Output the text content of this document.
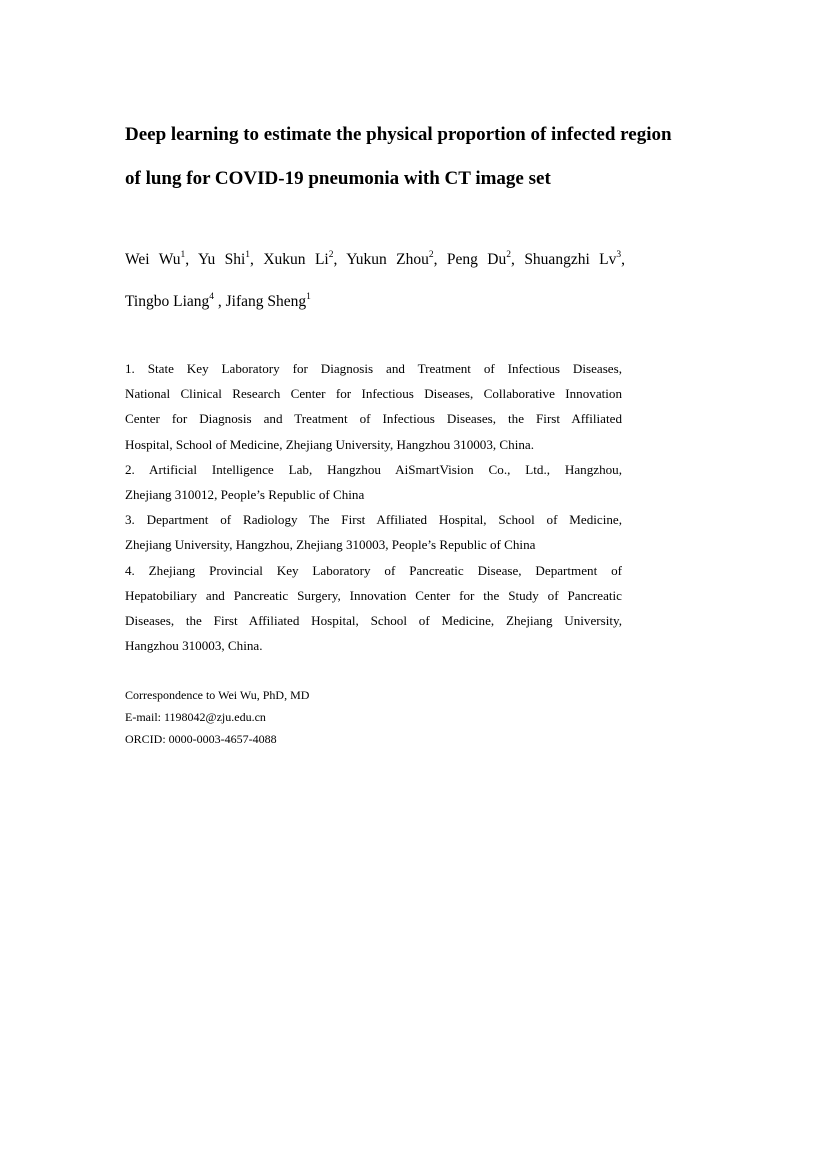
Deep learning to estimate the physical proportion of infected region
of lung for COVID-19 pneumonia with CT image set
Wei Wu$^1$, Yu Shi$^1$, Xukun Li$^2$, Yukun Zhou$^2$, Peng Du$^2$, Shuangzhi Lv$^3$,
Tingbo Liang$^4$ , Jifang Sheng$^1$
1. State Key Laboratory for Diagnosis and Treatment of Infectious Diseases,
National Clinical Research Center for Infectious Diseases, Collaborative Innovation
Center for Diagnosis and Treatment of Infectious Diseases, the First Affiliated
Hospital, School of Medicine, Zhejiang University, Hangzhou 310003, China.
2. Artificial Intelligence Lab, Hangzhou AiSmartVision Co., Ltd., Hangzhou,
Zhejiang 310012, People’s Republic of China
3. Department of Radiology The First Affiliated Hospital, School of Medicine,
Zhejiang University, Hangzhou, Zhejiang 310003, People’s Republic of China
4. Zhejiang Provincial Key Laboratory of Pancreatic Disease, Department of
Hepatobiliary and Pancreatic Surgery, Innovation Center for the Study of Pancreatic
Diseases, the First Affiliated Hospital, School of Medicine, Zhejiang University,
Hangzhou 310003, China.
Correspondence to Wei Wu, PhD, MD
E-mail: 1198042@zju.edu.cn
ORCID: 0000-0003-4657-4088
